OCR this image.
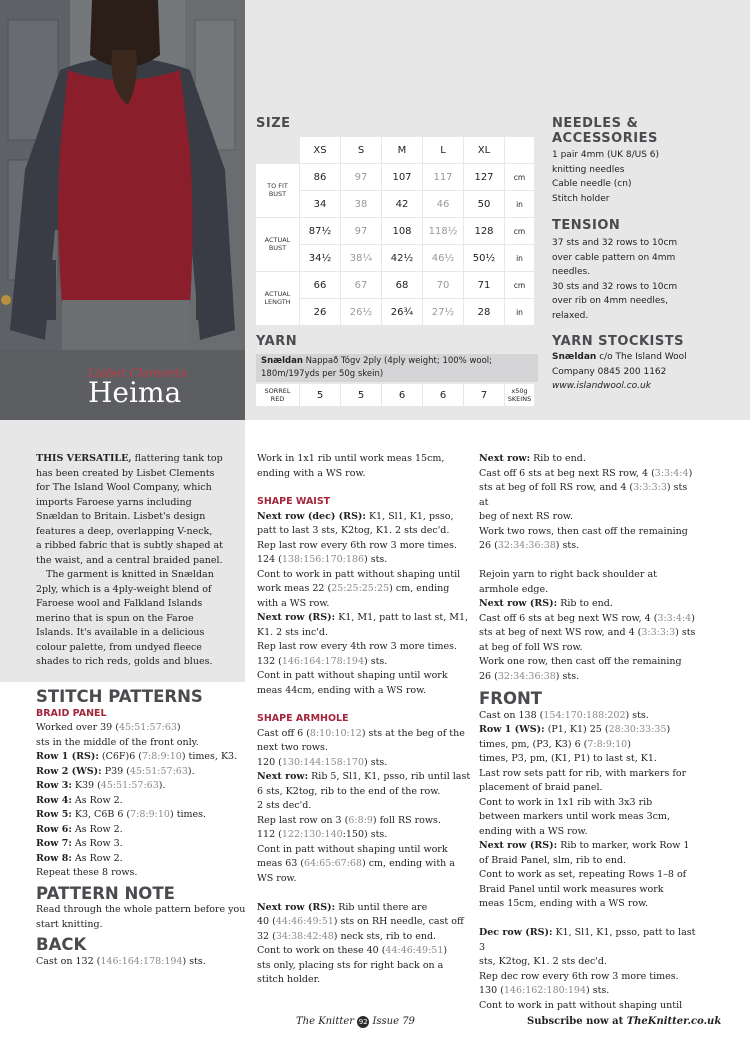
Lisbet Clements
Heima
SIZE
	XS	S	M	L	XL	
TO FIT
BUST	86	97	107	117	127	cm
	34	38	42	46	50	in
ACTUAL
BUST	87½	97	108	118½	128	cm
	34½	38¼	42½	46½	50½	in
ACTUAL
LENGTH	66	67	68	70	71	cm
	26	26½	26¾	27½	28	in
YARN
Snældan Nappað Tógv 2ply (4ply weight; 100% wool; 180m/197yds per 50g skein)
SORREL
RED	5	5	6	6	7	x50g
SKEINS
NEEDLES &
ACCESSORIES
1 pair 4mm (UK 8/US 6)
knitting needles
Cable needle (cn)
Stitch holder
TENSION
37 sts and 32 rows to 10cm
over cable pattern on 4mm
needles.
30 sts and 32 rows to 10cm
over rib on 4mm needles,
relaxed.
YARN STOCKISTS
Snældan c/o The Island Wool
Company 0845 200 1162
www.islandwool.co.uk

THIS VERSATILE, flattering tank top

has been created by Lisbet Clements

for The Island Wool Company, which

imports Faroese yarns including

Snældan to Britain. Lisbet's design

features a deep, overlapping V-neck,

a ribbed fabric that is subtly shaped at

the waist, and a central braided panel.

The garment is knitted in Snældan

2ply, which is a 4ply-weight blend of

Faroese wool and Falkland Islands

merino that is spun on the Faroe

Islands. It's available in a delicious

colour palette, from undyed fleece

shades to rich reds, golds and blues.

STITCH PATTERNS
BRAID PANEL

Worked over 39 (45:51:57:63)

sts in the middle of the front only.

Row 1 (RS): (C6F)6 (7:8:9:10) times, K3.

Row 2 (WS): P39 (45:51:57:63).

Row 3: K39 (45:51:57:63).

Row 4: As Row 2.

Row 5: K3, C6B 6 (7:8:9:10) times.

Row 6: As Row 2.

Row 7: As Row 3.

Row 8: As Row 2.

Repeat these 8 rows.

PATTERN NOTE

Read through the whole pattern before you

start knitting.

BACK

Cast on 132 (146:164:178:194) sts.

Work in 1x1 rib until work meas 15cm,

ending with a WS row.

SHAPE WAIST

Next row (dec) (RS): K1, Sl1, K1, psso,

patt to last 3 sts, K2tog, K1. 2 sts dec'd.

Rep last row every 6th row 3 more times.

124 (138:156:170:186) sts.

Cont to work in patt without shaping until

work meas 22 (25:25:25:25) cm, ending

with a WS row.

Next row (RS): K1, M1, patt to last st, M1,

K1. 2 sts inc'd.

Rep last row every 4th row 3 more times.

132 (146:164:178:194) sts.

Cont in patt without shaping until work

meas 44cm, ending with a WS row.

SHAPE ARMHOLE

Cast off 6 (8:10:10:12) sts at the beg of the

next two rows.

120 (130:144:158:170) sts.

Next row: Rib 5, Sl1, K1, psso, rib until last

6 sts, K2tog, rib to the end of the row.

2 sts dec'd.

Rep last row on 3 (6:8:9) foll RS rows.

112 (122:130:140:150) sts.

Cont in patt without shaping until work

meas 63 (64:65:67:68) cm, ending with a

WS row.

Next row (RS): Rib until there are

40 (44:46:49:51) sts on RH needle, cast off

32 (34:38:42:48) neck sts, rib to end.

Cont to work on these 40 (44:46:49:51)

sts only, placing sts for right back on a

stitch holder.

Next row: Rib to end.

Cast off 6 sts at beg next RS row, 4 (3:3:4:4)

sts at beg of foll RS row, and 4 (3:3:3:3) sts at

beg of next RS row.

Work two rows, then cast off the remaining

26 (32:34:36:38) sts.

Rejoin yarn to right back shoulder at

armhole edge.

Next row (RS): Rib to end.

Cast off 6 sts at beg next WS row, 4 (3:3:4:4)

sts at beg of next WS row, and 4 (3:3:3:3) sts

at beg of foll WS row.

Work one row, then cast off the remaining

26 (32:34:36:38) sts.

FRONT

Cast on 138 (154:170:188:202) sts.

Row 1 (WS): (P1, K1) 25 (28:30:33:35)

times, pm, (P3, K3) 6 (7:8:9:10)

times, P3, pm, (K1, P1) to last st, K1.

Last row sets patt for rib, with markers for

placement of braid panel.

Cont to work in 1x1 rib with 3x3 rib

between markers until work meas 3cm,

ending with a WS row.

Next row (RS): Rib to marker, work Row 1

of Braid Panel, slm, rib to end.

Cont to work as set, repeating Rows 1–8 of

Braid Panel until work measures work

meas 15cm, ending with a WS row.

Dec row (RS): K1, Sl1, K1, psso, patt to last 3

sts, K2tog, K1. 2 sts dec'd.

Rep dec row every 6th row 3 more times.

130 (146:162:180:194) sts.

Cont to work in patt without shaping until

The Knitter 92 Issue 79	Subscribe now at TheKnitter.co.uk
